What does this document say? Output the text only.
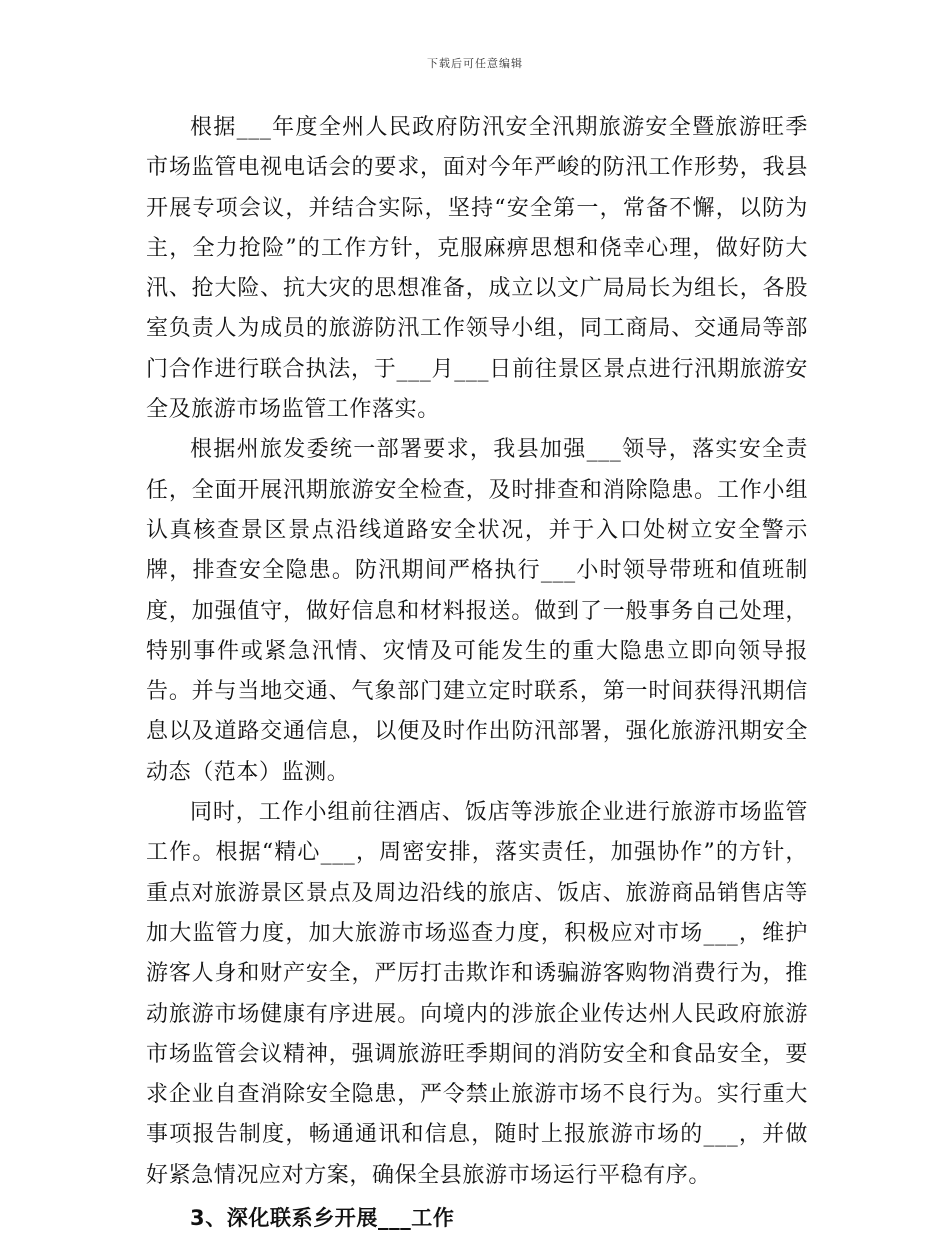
下载后可任意编辑

根据___年度全州人民政府防汛安全汛期旅游安全暨旅游旺季市场监管电视电话会的要求，面对今年严峻的防汛工作形势，我县开展专项会议，并结合实际，坚持“安全第一，常备不懈，以防为主，全力抢险”的工作方针，克服麻痹思想和侥幸心理，做好防大汛、抢大险、抗大灾的思想准备，成立以文广局局长为组长，各股室负责人为成员的旅游防汛工作领导小组，同工商局、交通局等部门合作进行联合执法，于___月___日前往景区景点进行汛期旅游安全及旅游市场监管工作落实。

根据州旅发委统一部署要求，我县加强___领导，落实安全责任，全面开展汛期旅游安全检查，及时排查和消除隐患。工作小组认真核查景区景点沿线道路安全状况，并于入口处树立安全警示牌，排查安全隐患。防汛期间严格执行___小时领导带班和值班制度，加强值守，做好信息和材料报送。做到了一般事务自己处理，特别事件或紧急汛情、灾情及可能发生的重大隐患立即向领导报告。并与当地交通、气象部门建立定时联系，第一时间获得汛期信息以及道路交通信息，以便及时作出防汛部署，强化旅游汛期安全动态（范本）监测。

同时，工作小组前往酒店、饭店等涉旅企业进行旅游市场监管工作。根据“精心___，周密安排，落实责任，加强协作”的方针，重点对旅游景区景点及周边沿线的旅店、饭店、旅游商品销售店等加大监管力度，加大旅游市场巡查力度，积极应对市场___，维护游客人身和财产安全，严厉打击欺诈和诱骗游客购物消费行为，推动旅游市场健康有序进展。向境内的涉旅企业传达州人民政府旅游市场监管会议精神，强调旅游旺季期间的消防安全和食品安全，要求企业自查消除安全隐患，严令禁止旅游市场不良行为。实行重大事项报告制度，畅通通讯和信息，随时上报旅游市场的___，并做好紧急情况应对方案，确保全县旅游市场运行平稳有序。

3、深化联系乡开展___工作
